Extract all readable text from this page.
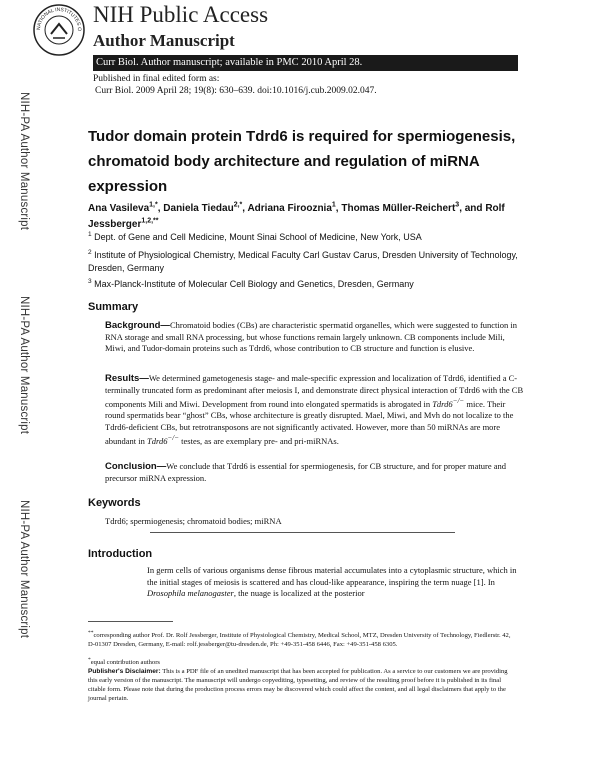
NIH-PA Author Manuscript
NIH-PA Author Manuscript
NIH-PA Author Manuscript
NATIONAL INSTITUTES O
NIH Public Access
Author Manuscript
Curr Biol. Author manuscript; available in PMC 2010 April 28.
Published in final edited form as:
Curr Biol. 2009 April 28; 19(8): 630–639. doi:10.1016/j.cub.2009.02.047.
Tudor domain protein Tdrd6 is required for spermiogenesis, chromatoid body architecture and regulation of miRNA expression
Ana Vasileva$^{1,*}$, Daniela Tiedau$^{2,*}$, Adriana Firooznia$^1$, Thomas Müller-Reichert$^3$, and Rolf Jessberger$^{1,2,**}$
$^1$ Dept. of Gene and Cell Medicine, Mount Sinai School of Medicine, New York, USA
$^2$ Institute of Physiological Chemistry, Medical Faculty Carl Gustav Carus, Dresden University of Technology, Dresden, Germany
$^3$ Max-Planck-Institute of Molecular Cell Biology and Genetics, Dresden, Germany
Summary
Background—Chromatoid bodies (CBs) are characteristic spermatid organelles, which were suggested to function in RNA storage and small RNA processing, but whose functions remain largely unknown. CB components include Mili, Miwi, and Tudor-domain proteins such as Tdrd6, whose contribution to CB structure and function is elusive.
Results—We determined gametogenesis stage- and male-specific expression and localization of Tdrd6, identified a C-terminally truncated form as predominant after meiosis I, and demonstrate direct physical interaction of Tdrd6 with the CB components Mili and Miwi. Development from round into elongated spermatids is abrogated in Tdrd6−/− mice. Their round spermatids bear “ghost” CBs, whose architecture is greatly disrupted. Mael, Miwi, and Mvh do not localize to the Tdrd6-deficient CBs, but retrotransposons are not significantly activated. However, more than 50 miRNAs are more abundant in Tdrd6−/− testes, as are exemplary pre- and pri-miRNAs.
Conclusion—We conclude that Tdrd6 is essential for spermiogenesis, for CB structure, and for proper mature and precursor miRNA expression.
Keywords
Tdrd6; spermiogenesis; chromatoid bodies; miRNA
Introduction
In germ cells of various organisms dense fibrous material accumulates into a cytoplasmic structure, which in the initial stages of meiosis is scattered and has cloud-like appearance, inspiring the term nuage [1]. In Drosophila melanogaster, the nuage is localized at the posterior
**corresponding author Prof. Dr. Rolf Jessberger, Institute of Physiological Chemistry, Medical School, MTZ, Dresden University of Technology, Fiedlerstr. 42, D-01307 Dresden, Germany, E-mail: rolf.jessberger@tu-dresden.de, Ph: +49-351-458 6446, Fax: +49-351-458 6305.
*equal contribution authors
Publisher's Disclaimer: This is a PDF file of an unedited manuscript that has been accepted for publication. As a service to our customers we are providing this early version of the manuscript. The manuscript will undergo copyediting, typesetting, and review of the resulting proof before it is published in its final citable form. Please note that during the production process errors may be discovered which could affect the content, and all legal disclaimers that apply to the journal pertain.
